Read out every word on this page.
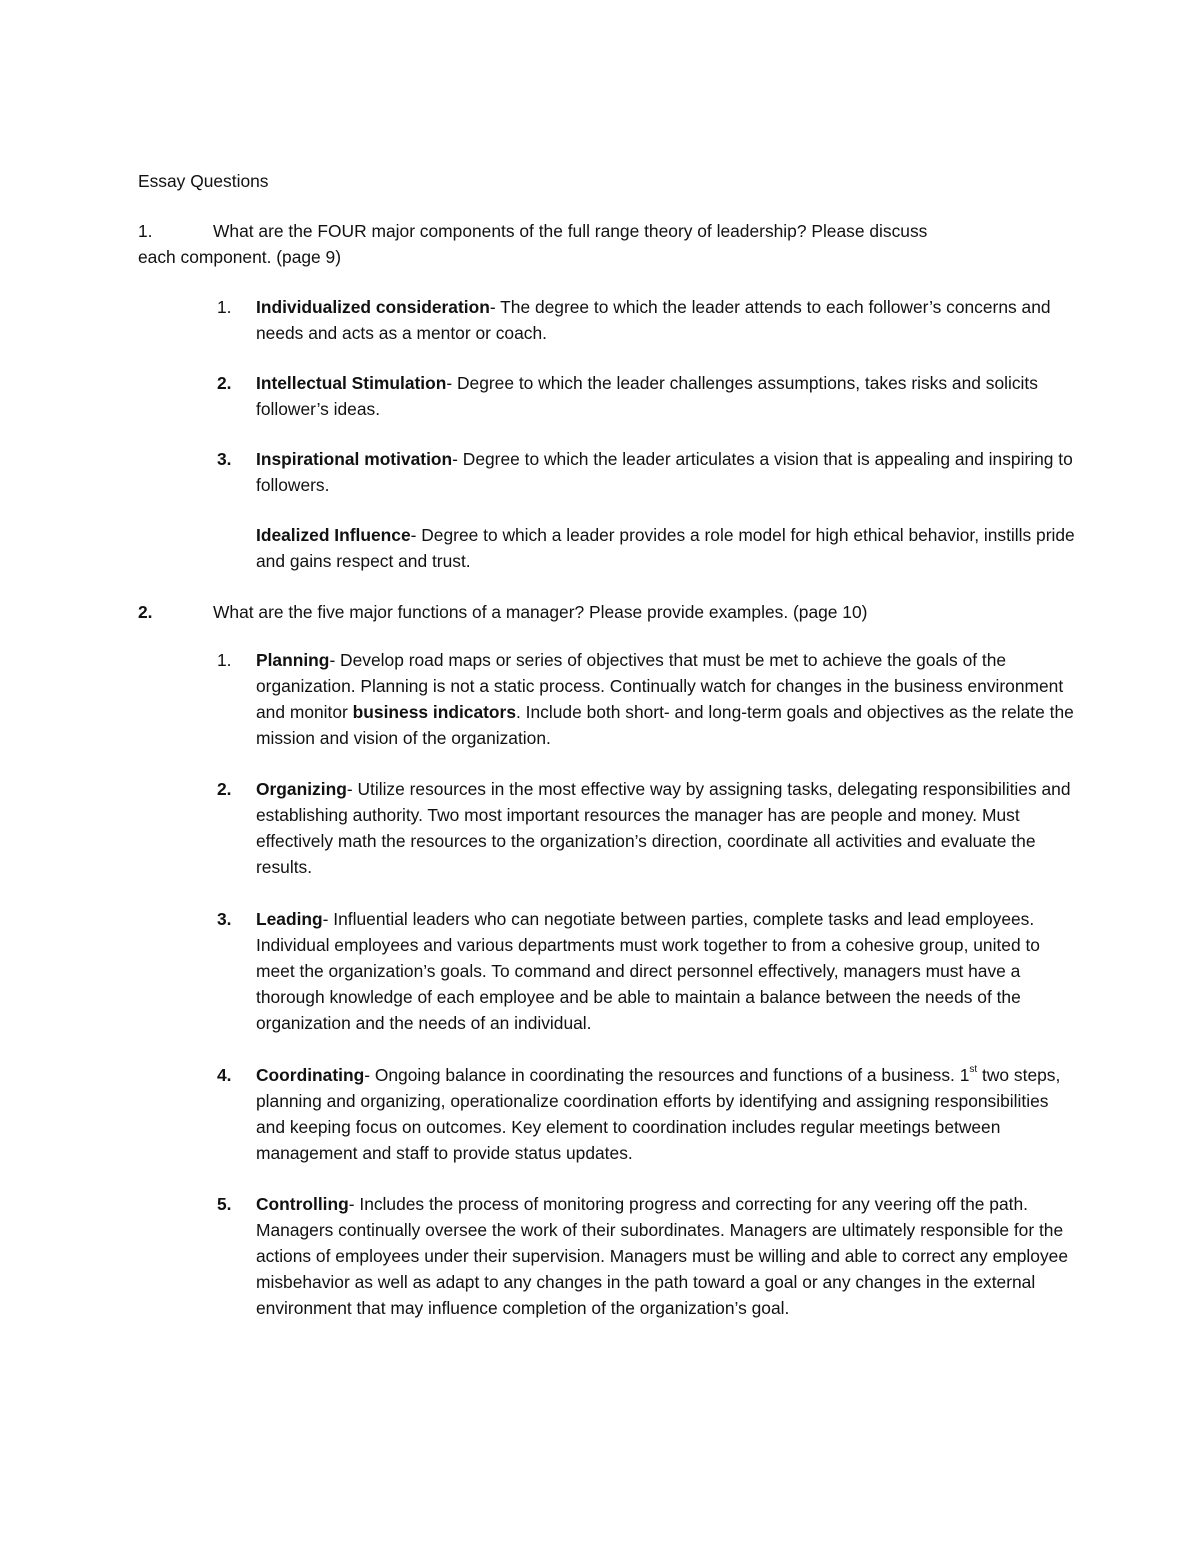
Essay Questions
1.	What are the FOUR major components of the full range theory of leadership? Please discuss
each component. (page 9)
1. Individualized consideration- The degree to which the leader attends to each follower’s concerns and needs and acts as a mentor or coach.
2. Intellectual Stimulation- Degree to which the leader challenges assumptions, takes risks and solicits follower’s ideas.
3. Inspirational motivation- Degree to which the leader articulates a vision that is appealing and inspiring to followers.
Idealized Influence- Degree to which a leader provides a role model for high ethical behavior, instills pride and gains respect and trust.
2.	What are the five major functions of a manager? Please provide examples. (page 10)
1. Planning- Develop road maps or series of objectives that must be met to achieve the goals of the organization. Planning is not a static process. Continually watch for changes in the business environment and monitor business indicators. Include both short- and long-term goals and objectives as the relate the mission and vision of the organization.
2. Organizing- Utilize resources in the most effective way by assigning tasks, delegating responsibilities and establishing authority. Two most important resources the manager has are people and money. Must effectively math the resources to the organization’s direction, coordinate all activities and evaluate the results.
3. Leading- Influential leaders who can negotiate between parties, complete tasks and lead employees. Individual employees and various departments must work together to from a cohesive group, united to meet the organization’s goals. To command and direct personnel effectively, managers must have a thorough knowledge of each employee and be able to maintain a balance between the needs of the organization and the needs of an individual.
4. Coordinating- Ongoing balance in coordinating the resources and functions of a business. 1st two steps, planning and organizing, operationalize coordination efforts by identifying and assigning responsibilities and keeping focus on outcomes. Key element to coordination includes regular meetings between management and staff to provide status updates.
5. Controlling- Includes the process of monitoring progress and correcting for any veering off the path. Managers continually oversee the work of their subordinates. Managers are ultimately responsible for the actions of employees under their supervision. Managers must be willing and able to correct any employee misbehavior as well as adapt to any changes in the path toward a goal or any changes in the external environment that may influence completion of the organization’s goal.
